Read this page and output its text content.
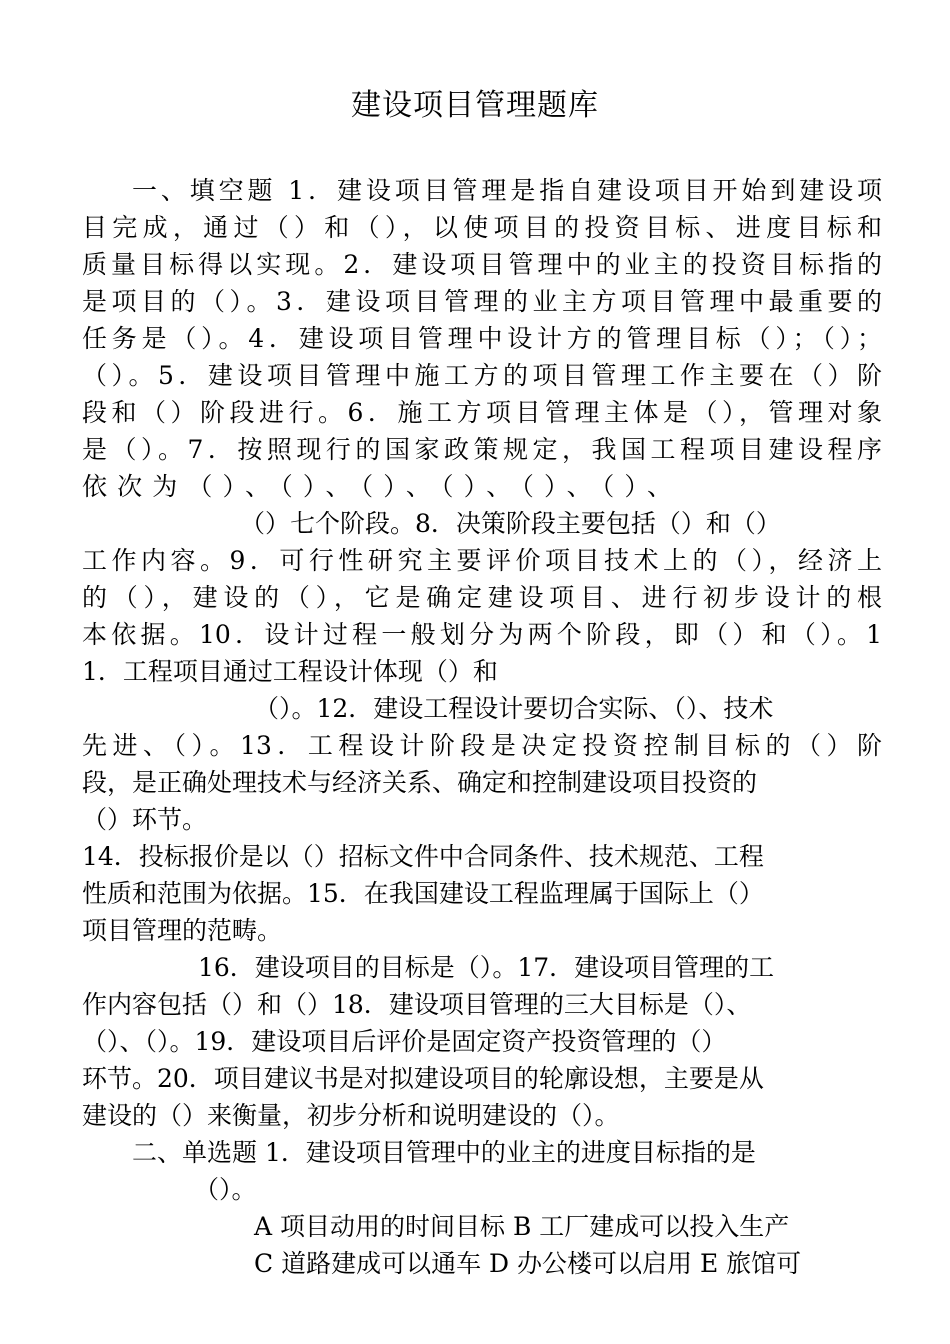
建设项目管理题库
一、填空题 1．建设项目管理是指自建设项目开始到建设项
目完成，通过（）和（），以使项目的投资目标、进度目标和
质量目标得以实现。2．建设项目管理中的业主的投资目标指的
是项目的（）。3．建设项目管理的业主方项目管理中最重要的
任务是（）。4．建设项目管理中设计方的管理目标（）；（）；
（）。5．建设项目管理中施工方的项目管理工作主要在（）阶
段和（）阶段进行。6．施工方项目管理主体是（），管理对象
是（）。7．按照现行的国家政策规定，我国工程项目建设程序
依次为（）、（）、（）、（）、（）、（）、
（）七个阶段。8．决策阶段主要包括（）和（）
工作内容。9．可行性研究主要评价项目技术上的（），经济上
的（），建设的（），它是确定建设项目、进行初步设计的根
本依据。10．设计过程一般划分为两个阶段，即（）和（）。1
1．工程项目通过工程设计体现（）和
（）。12．建设工程设计要切合实际、（）、技术
先进、（）。13．工程设计阶段是决定投资控制目标的（）阶
段，是正确处理技术与经济关系、确定和控制建设项目投资的
（）环节。
14．投标报价是以（）招标文件中合同条件、技术规范、工程
性质和范围为依据。15．在我国建设工程监理属于国际上（）
项目管理的范畴。
16．建设项目的目标是（）。17．建设项目管理的工
作内容包括（）和（）18．建设项目管理的三大目标是（）、
（）、（）。19．建设项目后评价是固定资产投资管理的（）
环节。20．项目建议书是对拟建设项目的轮廓设想，主要是从
建设的（）来衡量，初步分析和说明建设的（）。
二、单选题 1．建设项目管理中的业主的进度目标指的是
（）。
A 项目动用的时间目标 B 工厂建成可以投入生产
C 道路建成可以通车 D 办公楼可以启用 E 旅馆可
